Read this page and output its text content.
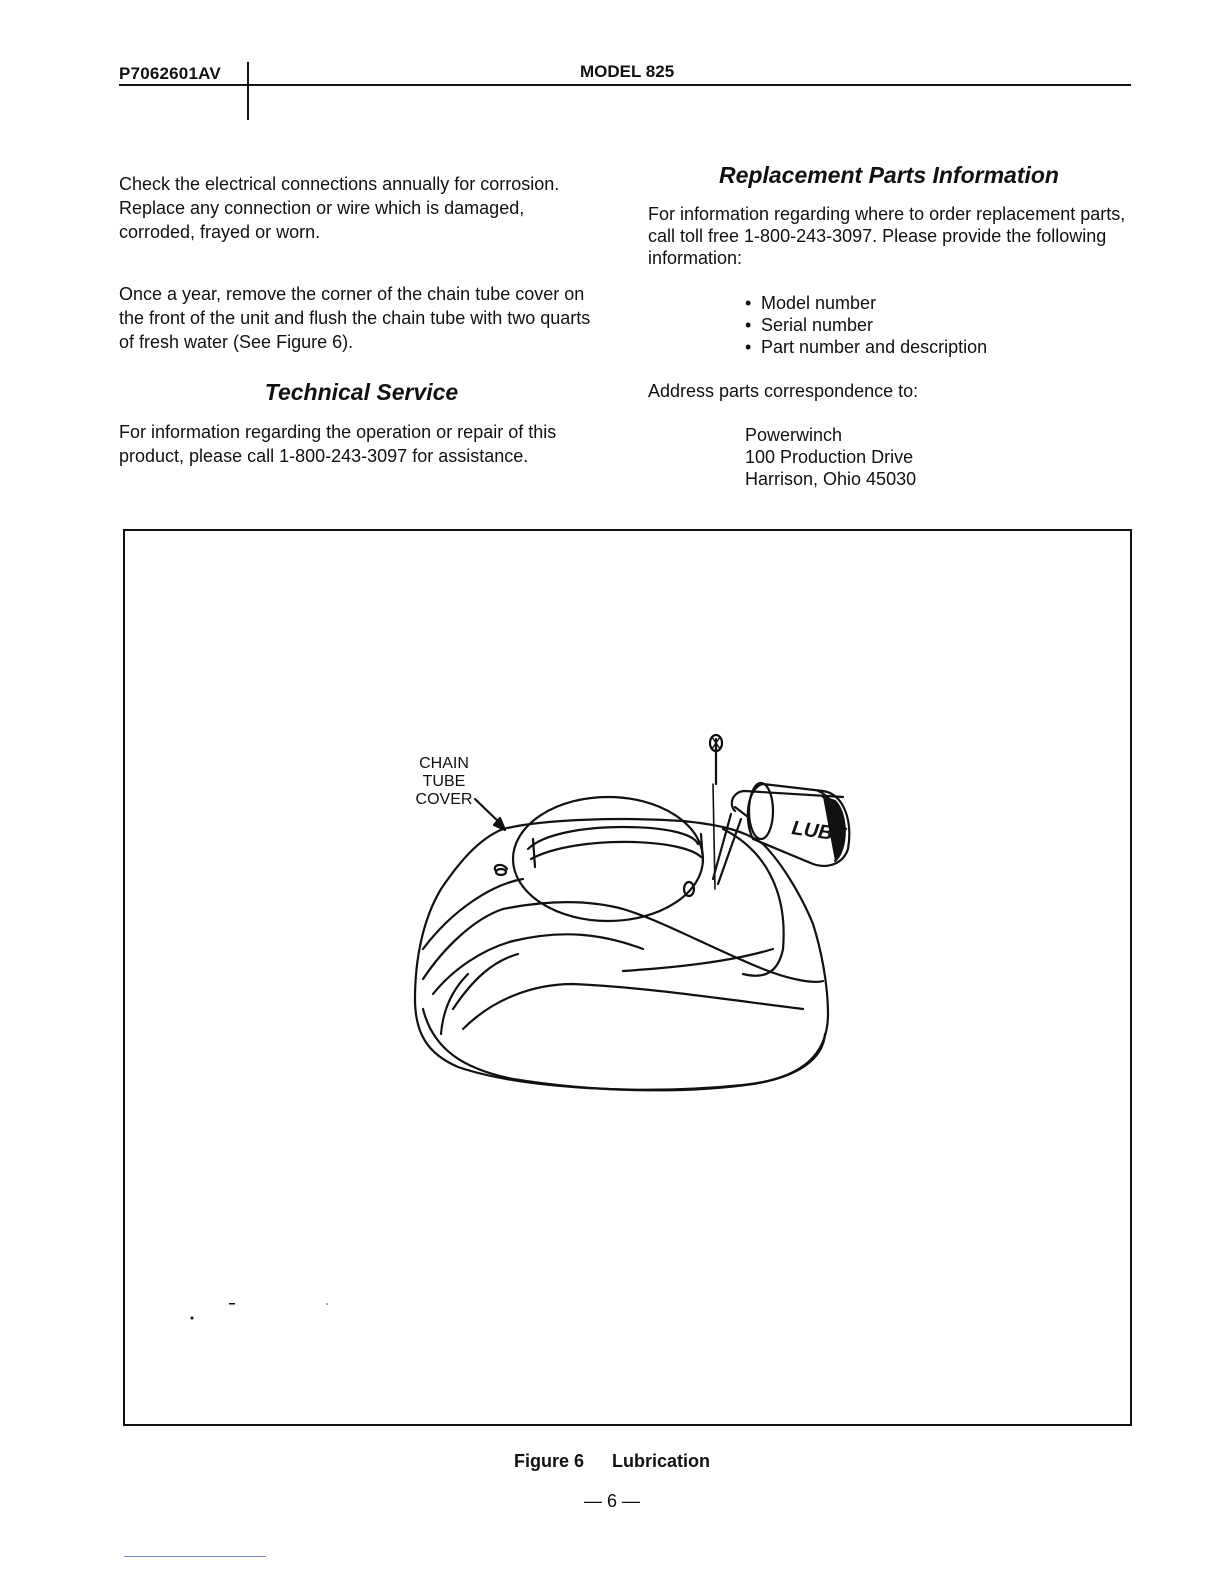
P7062601AV	MODEL 825

Check the electrical connections annually for corrosion. Replace any connection or wire which is damaged, corroded, frayed or worn.

Once a year, remove the corner of the chain tube cover on the front of the unit and flush the chain tube with two quarts of fresh water (See Figure 6).

Technical Service

For information regarding the operation or repair of this product, please call 1-800-243-3097 for assistance.

Replacement Parts Information

For information regarding where to order replacement parts, call toll free 1-800-243-3097. Please provide the following information:

• Model number
• Serial number
• Part number and description

Address parts correspondence to:

Powerwinch
100 Production Drive
Harrison, Ohio 45030
CHAIN
TUBE
COVER
LUBE
Figure 6 Lubrication
— 6 —
